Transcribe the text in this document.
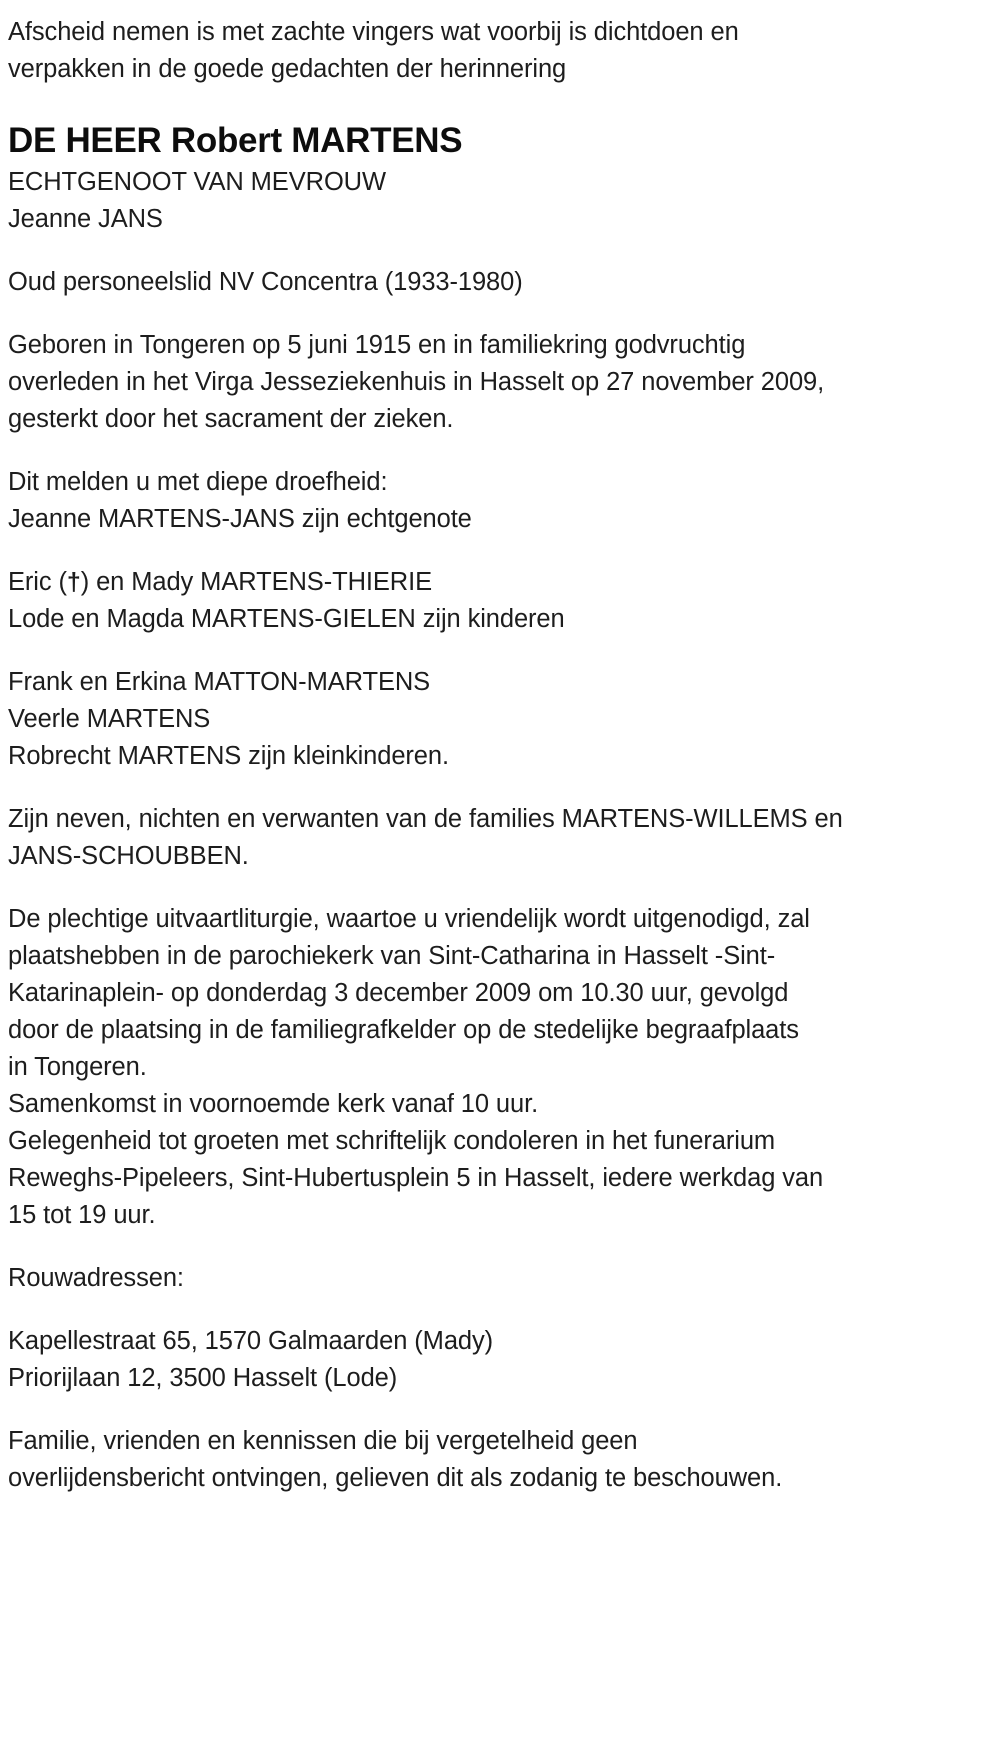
Afscheid nemen is met zachte vingers wat voorbij is dichtdoen en
verpakken in de goede gedachten der herinnering

DE HEER Robert MARTENS

ECHTGENOOT VAN MEVROUW
Jeanne JANS

Oud personeelslid NV Concentra (1933-1980)

Geboren in Tongeren op 5 juni 1915 en in familiekring godvruchtig
overleden in het Virga Jesseziekenhuis in Hasselt op 27 november 2009,
gesterkt door het sacrament der zieken.

Dit melden u met diepe droefheid:
Jeanne MARTENS-JANS zijn echtgenote

Eric (†) en Mady MARTENS-THIERIE
Lode en Magda MARTENS-GIELEN zijn kinderen

Frank en Erkina MATTON-MARTENS
Veerle MARTENS
Robrecht MARTENS zijn kleinkinderen.

Zijn neven, nichten en verwanten van de families MARTENS-WILLEMS en
JANS-SCHOUBBEN.

De plechtige uitvaartliturgie, waartoe u vriendelijk wordt uitgenodigd, zal
plaatshebben in de parochiekerk van Sint-Catharina in Hasselt -Sint-
Katarinaplein- op donderdag 3 december 2009 om 10.30 uur, gevolgd
door de plaatsing in de familiegrafkelder op de stedelijke begraafplaats
in Tongeren.
Samenkomst in voornoemde kerk vanaf 10 uur.
Gelegenheid tot groeten met schriftelijk condoleren in het funerarium
Reweghs-Pipeleers, Sint-Hubertusplein 5 in Hasselt, iedere werkdag van
15 tot 19 uur.

Rouwadressen:

Kapellestraat 65, 1570 Galmaarden (Mady)
Priorijlaan 12, 3500 Hasselt (Lode)

Familie, vrienden en kennissen die bij vergetelheid geen
overlijdensbericht ontvingen, gelieven dit als zodanig te beschouwen.
